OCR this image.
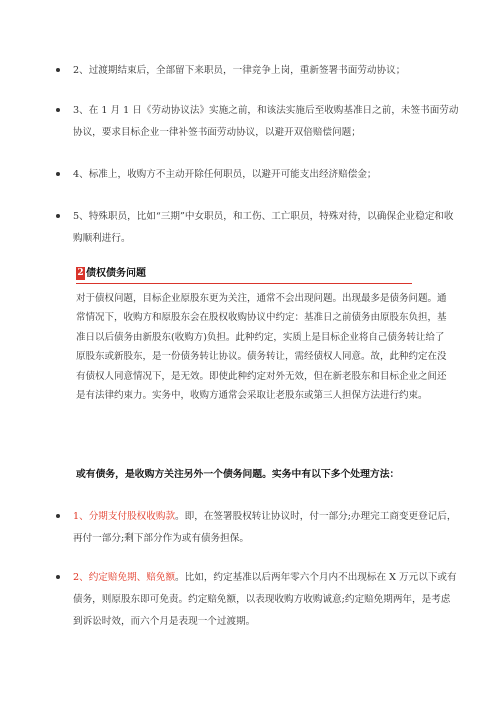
2、过渡期结束后，全部留下来职员，一律竞争上岗，重新签署书面劳动协议；
3、在 1 月 1 日《劳动协议法》实施之前，和该法实施后至收购基准日之前，未签书面劳动
协议，要求目标企业一律补签书面劳动协议，以避开双倍赔偿问题；
4、标准上，收购方不主动开除任何职员，以避开可能支出经济赔偿金；
5、特殊职员，比如“三期”中女职员，和工伤、工亡职员，特殊对待，以确保企业稳定和收
购顺利进行。
2 债权债务问题
对于债权问题，目标企业原股东更为关注，通常不会出现问题。出现最多是债务问题。通
常情况下，收购方和原股东会在股权收购协议中约定：基准日之前债务由原股东负担，基
准日以后债务由新股东(收购方)负担。此种约定，实质上是目标企业将自己债务转让给了
原股东或新股东，是一份债务转让协议。债务转让，需经债权人同意。故，此种约定在没
有债权人同意情况下，是无效。即使此种约定对外无效，但在新老股东和目标企业之间还
是有法律约束力。实务中，收购方通常会采取让老股东或第三人担保方法进行约束。
或有债务，是收购方关注另外一个债务问题。实务中有以下多个处理方法：
1、分期支付股权收购款。即，在签署股权转让协议时，付一部分;办理完工商变更登记后，
再付一部分;剩下部分作为或有债务担保。
2、约定赔免期、赔免额。比如，约定基准以后两年零六个月内不出现标在 X 万元以下或有
债务，则原股东即可免责。约定赔免额，以表现收购方收购诚意;约定赔免期两年，是考虑
到诉讼时效，而六个月是表现一个过渡期。
